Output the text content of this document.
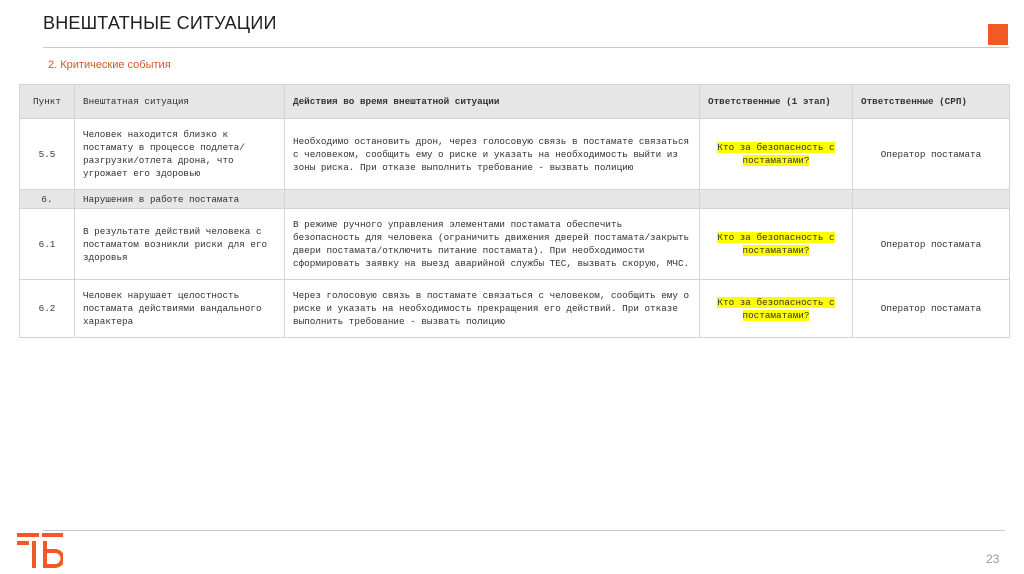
ВНЕШТАТНЫЕ СИТУАЦИИ
2. Критические события
Пункт	Внештатная ситуация	Действия во время внештатной ситуации	Ответственные (1 этап)	Ответственные (СРП)
5.5	Человек находится близко к постамату в процессе подлета/разгрузки/отлета дрона, что угрожает его здоровью	Необходимо остановить дрон, через голосовую связь в постамате связаться с человеком, сообщить ему о риске и указать на необходимость выйти из зоны риска. При отказе выполнить требование - вызвать полицию	Кто за безопасность с постаматами?	Оператор постамата
6.	Нарушения в работе постамата			
6.1	В результате действий человека с постаматом возникли риски для его здоровья	В режиме ручного управления элементами постамата обеспечить безопасность для человека (ограничить движения дверей постамата/закрыть двери постамата/отключить питание постамата). При необходимости сформировать заявку на выезд аварийной службы ТЕС, вызвать скорую, МЧС.	Кто за безопасность с постаматами?	Оператор постамата
6.2	Человек нарушает целостность постамата действиями вандального характера	Через голосовую связь в постамате связаться с человеком, сообщить ему о риске и указать на необходимость прекращения его действий. При отказе выполнить требование - вызвать полицию	Кто за безопасность с постаматами?	Оператор постамата
23
